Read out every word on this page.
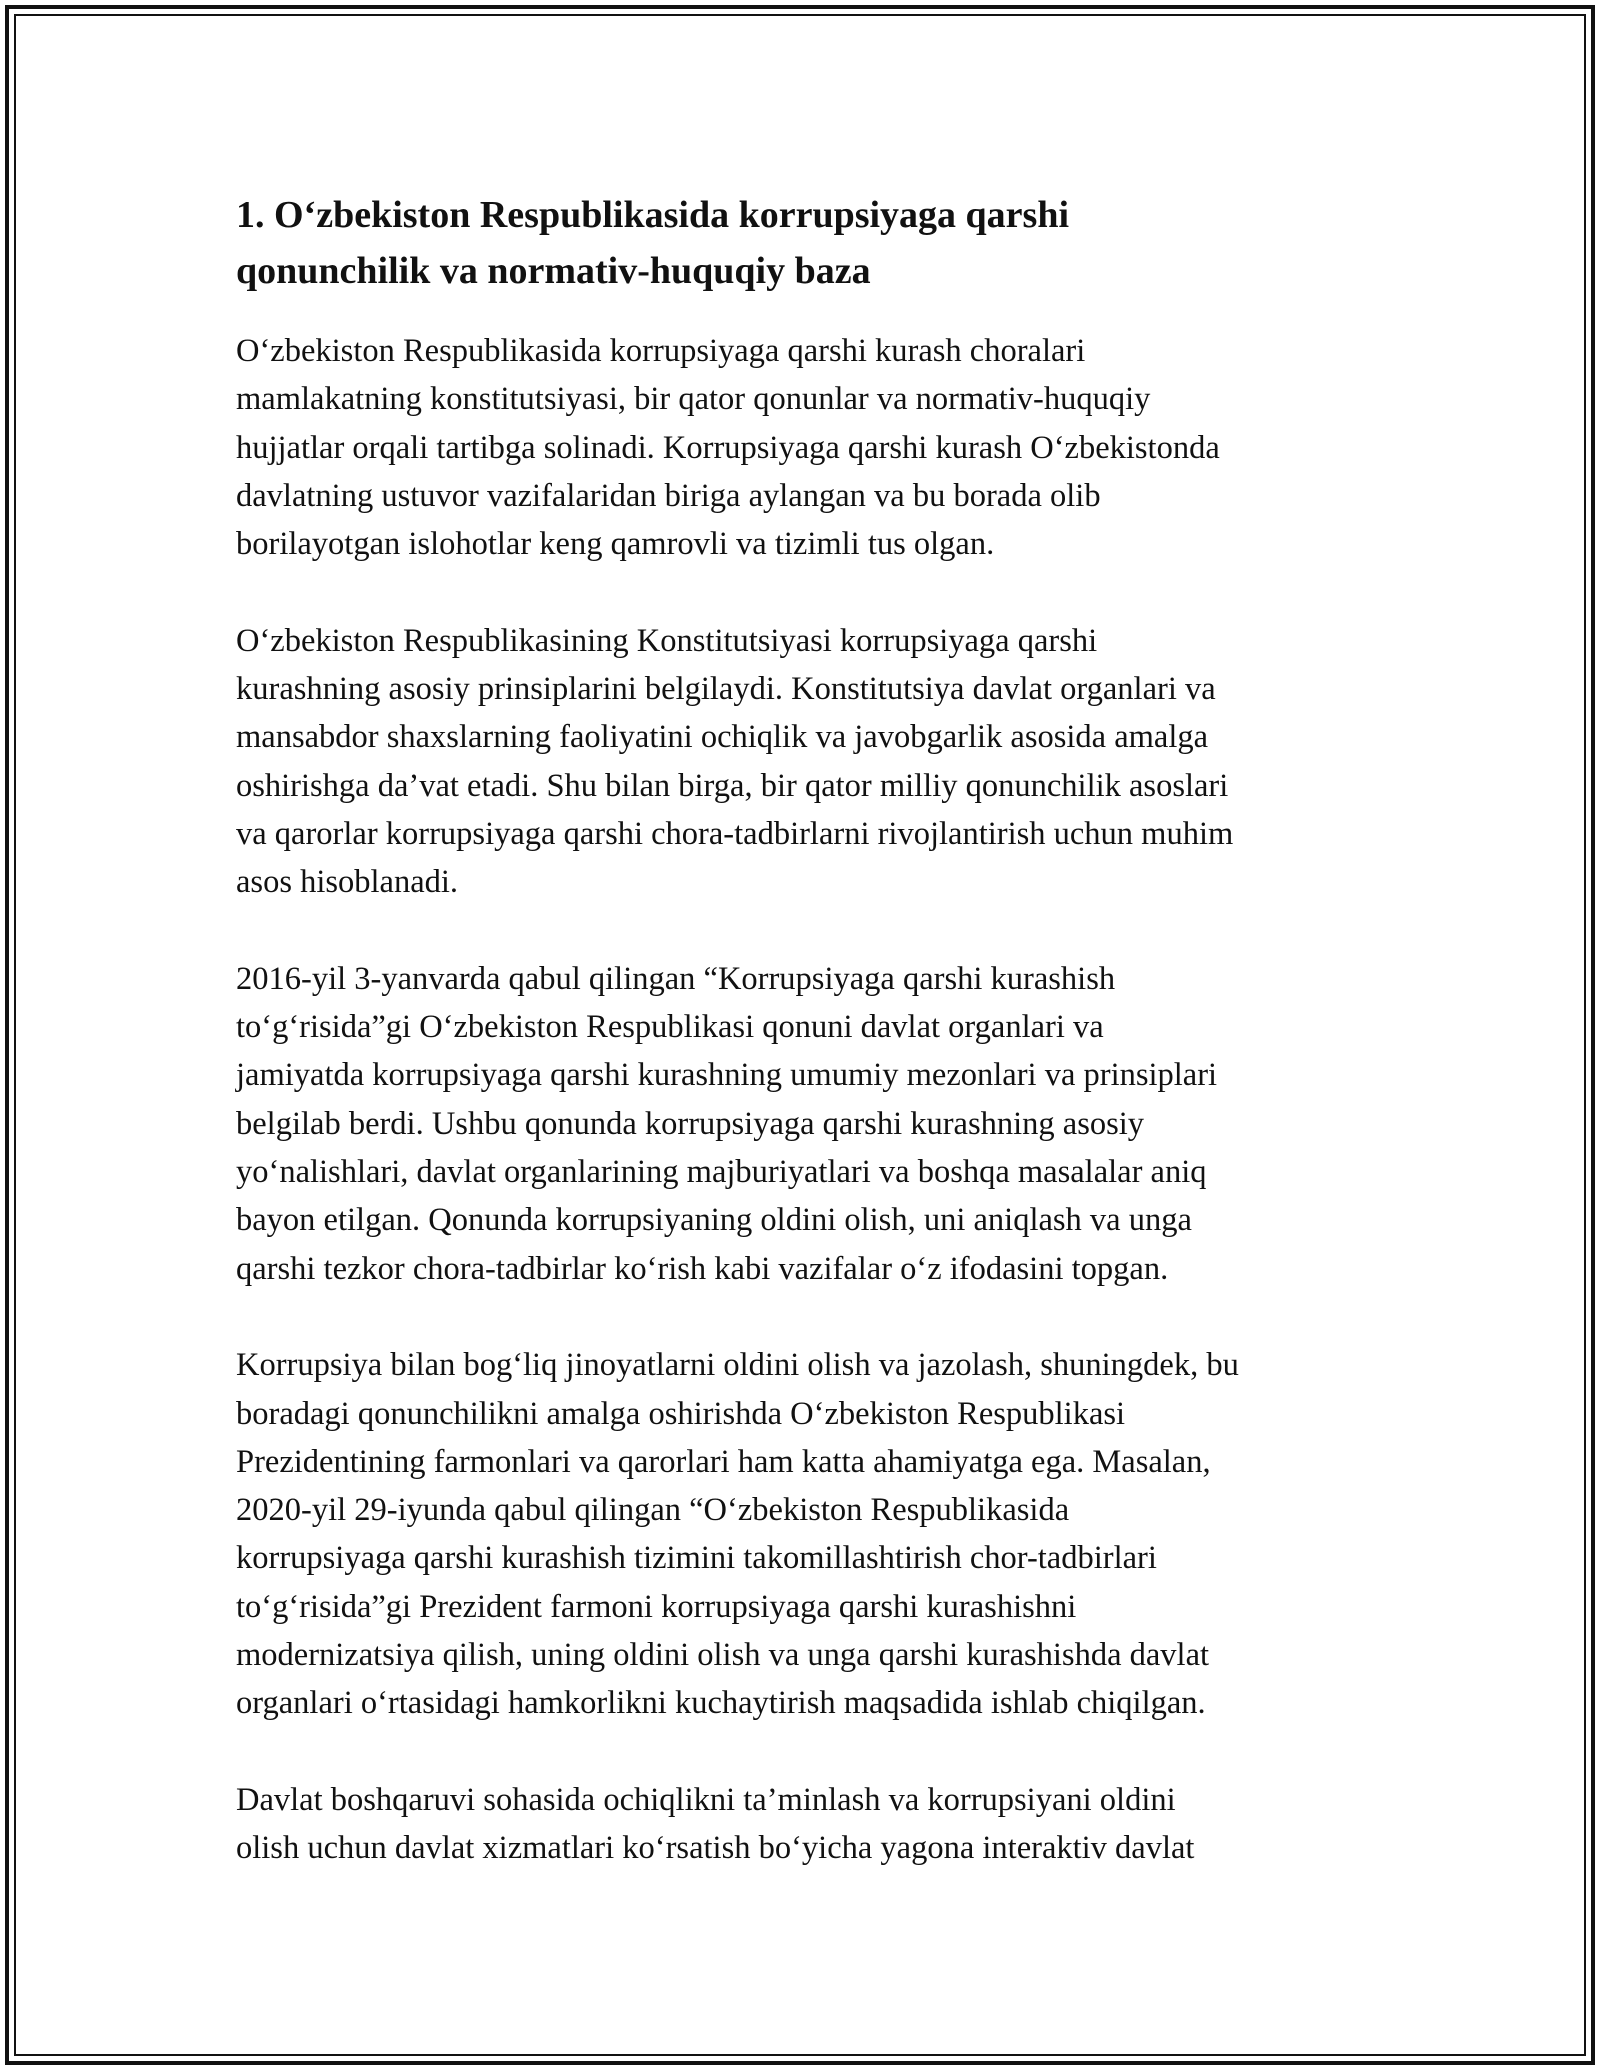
1. O‘zbekiston Respublikasida korrupsiyaga qarshi
qonunchilik va normativ-huquqiy baza

O‘zbekiston Respublikasida korrupsiyaga qarshi kurash choralari
mamlakatning konstitutsiyasi, bir qator qonunlar va normativ-huquqiy
hujjatlar orqali tartibga solinadi. Korrupsiyaga qarshi kurash O‘zbekistonda
davlatning ustuvor vazifalaridan biriga aylangan va bu borada olib
borilayotgan islohotlar keng qamrovli va tizimli tus olgan.

O‘zbekiston Respublikasining Konstitutsiyasi korrupsiyaga qarshi
kurashning asosiy prinsiplarini belgilaydi. Konstitutsiya davlat organlari va
mansabdor shaxslarning faoliyatini ochiqlik va javobgarlik asosida amalga
oshirishga da’vat etadi. Shu bilan birga, bir qator milliy qonunchilik asoslari
va qarorlar korrupsiyaga qarshi chora-tadbirlarni rivojlantirish uchun muhim
asos hisoblanadi.

2016-yil 3-yanvarda qabul qilingan “Korrupsiyaga qarshi kurashish
to‘g‘risida”gi O‘zbekiston Respublikasi qonuni davlat organlari va
jamiyatda korrupsiyaga qarshi kurashning umumiy mezonlari va prinsiplari
belgilab berdi. Ushbu qonunda korrupsiyaga qarshi kurashning asosiy
yo‘nalishlari, davlat organlarining majburiyatlari va boshqa masalalar aniq
bayon etilgan. Qonunda korrupsiyaning oldini olish, uni aniqlash va unga
qarshi tezkor chora-tadbirlar ko‘rish kabi vazifalar o‘z ifodasini topgan.

Korrupsiya bilan bog‘liq jinoyatlarni oldini olish va jazolash, shuningdek, bu
boradagi qonunchilikni amalga oshirishda O‘zbekiston Respublikasi
Prezidentining farmonlari va qarorlari ham katta ahamiyatga ega. Masalan,
2020-yil 29-iyunda qabul qilingan “O‘zbekiston Respublikasida
korrupsiyaga qarshi kurashish tizimini takomillashtirish chor-tadbirlari
to‘g‘risida”gi Prezident farmoni korrupsiyaga qarshi kurashishni
modernizatsiya qilish, uning oldini olish va unga qarshi kurashishda davlat
organlari o‘rtasidagi hamkorlikni kuchaytirish maqsadida ishlab chiqilgan.

Davlat boshqaruvi sohasida ochiqlikni ta’minlash va korrupsiyani oldini
olish uchun davlat xizmatlari ko‘rsatish bo‘yicha yagona interaktiv davlat
